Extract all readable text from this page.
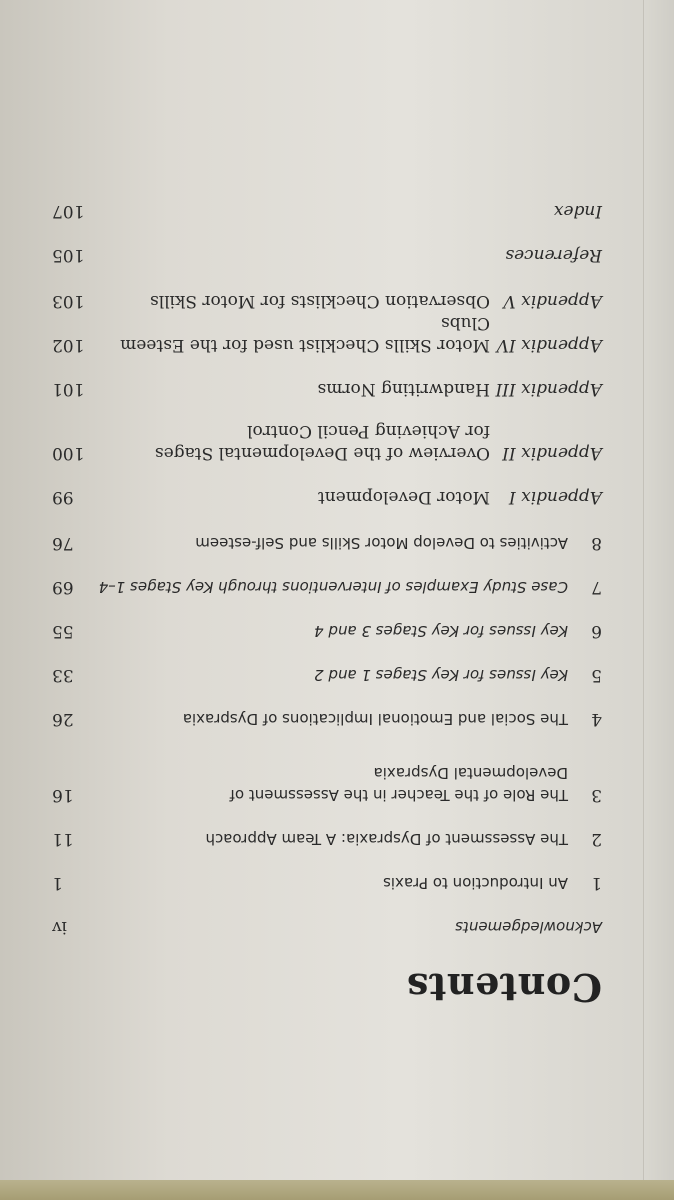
Contents
Acknowledgements
iv
1
An Introduction to Praxis
1
2
The Assessment of Dyspraxia: A Team Approach
11
3
The Role of the Teacher in the Assessment of Developmental Dyspraxia
16
4
The Social and Emotional Implications of Dyspraxia
26
5
Key Issues for Key Stages 1 and 2
33
6
Key Issues for Key Stages 3 and 4
55
7
Case Study Examples of Interventions through Key Stages 1–4
69
8
Activities to Develop Motor Skills and Self-esteem
76
Appendix I
Motor Development
99
Appendix II
Overview of the Developmental Stages for Achieving Pencil Control
100
Appendix III
Handwriting Norms
101
Appendix IV
Motor Skills Checklist used for the Esteem Clubs
102
Appendix V
Observation Checklists for Motor Skills
103
References
105
Index
107
